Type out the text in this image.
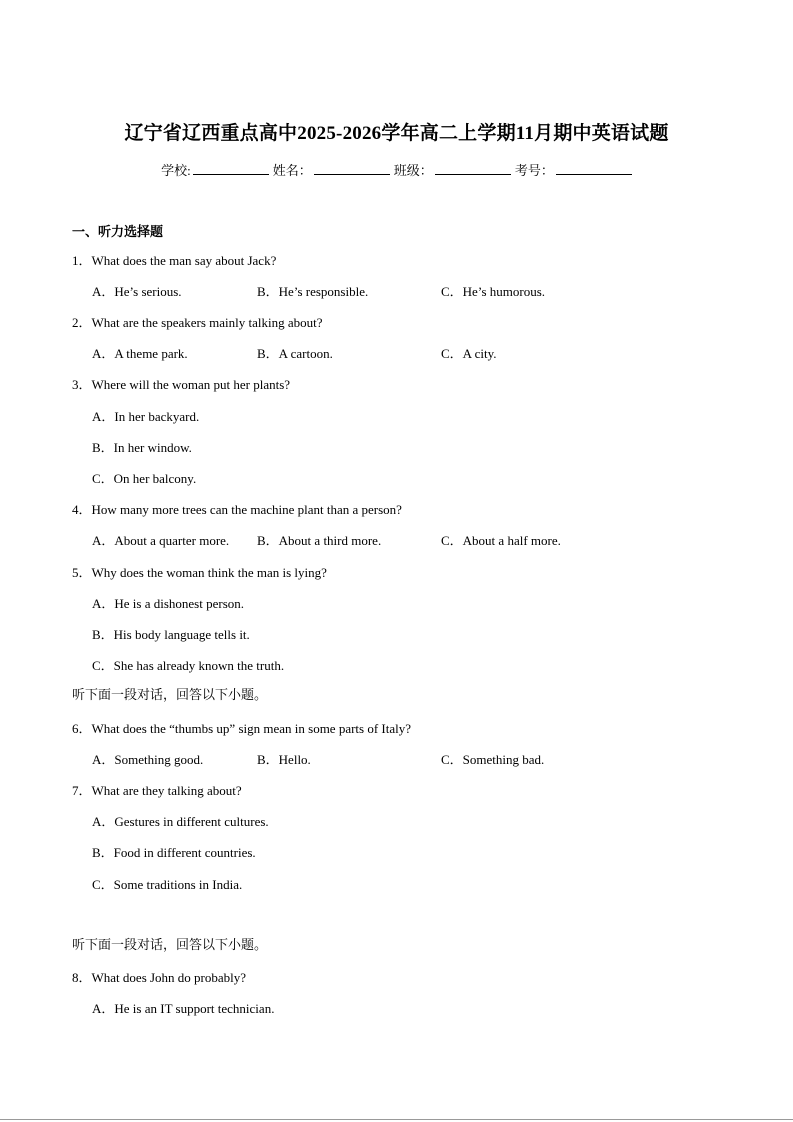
辽宁省辽西重点高中2025-2026学年高二上学期11月期中英语试题
学校:	姓名：	班级：	考号：
一、听力选择题
1．What does the man say about Jack?
A．He’s serious.	B．He’s responsible.	C．He’s humorous.
2．What are the speakers mainly talking about?
A．A theme park.	B．A cartoon.	C．A city.
3．Where will the woman put her plants?
A．In her backyard.
B．In her window.
C．On her balcony.
4．How many more trees can the machine plant than a person?
A．About a quarter more. B．About a third more.	C．About a half more.
5．Why does the woman think the man is lying?
A．He is a dishonest person.
B．His body language tells it.
C．She has already known the truth.
听下面一段对话，回答以下小题。
6．What does the “thumbs up” sign mean in some parts of Italy?
A．Something good.	B．Hello.	C．Something bad.
7．What are they talking about?
A．Gestures in different cultures.
B．Food in different countries.
C．Some traditions in India.
听下面一段对话，回答以下小题。
8．What does John do probably?
A．He is an IT support technician.
